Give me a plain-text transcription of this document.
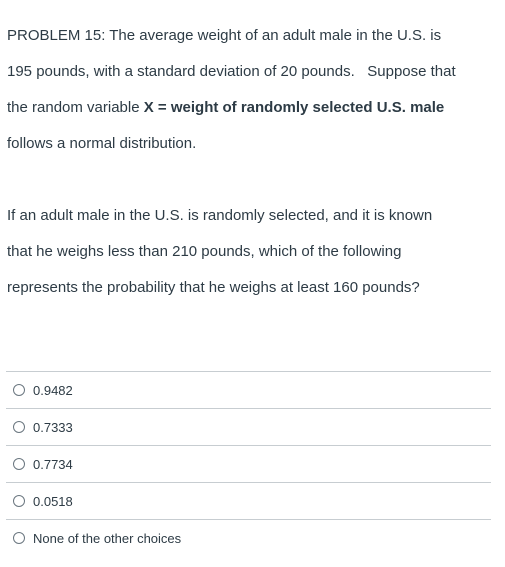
PROBLEM 15: The average weight of an adult male in the U.S. is
195 pounds, with a standard deviation of 20 pounds.   Suppose that
the random variable X = weight of randomly selected U.S. male
follows a normal distribution.

If an adult male in the U.S. is randomly selected, and it is known
that he weighs less than 210 pounds, which of the following
represents the probability that he weighs at least 160 pounds?

0.9482
0.7333
0.7734
0.0518
None of the other choices
